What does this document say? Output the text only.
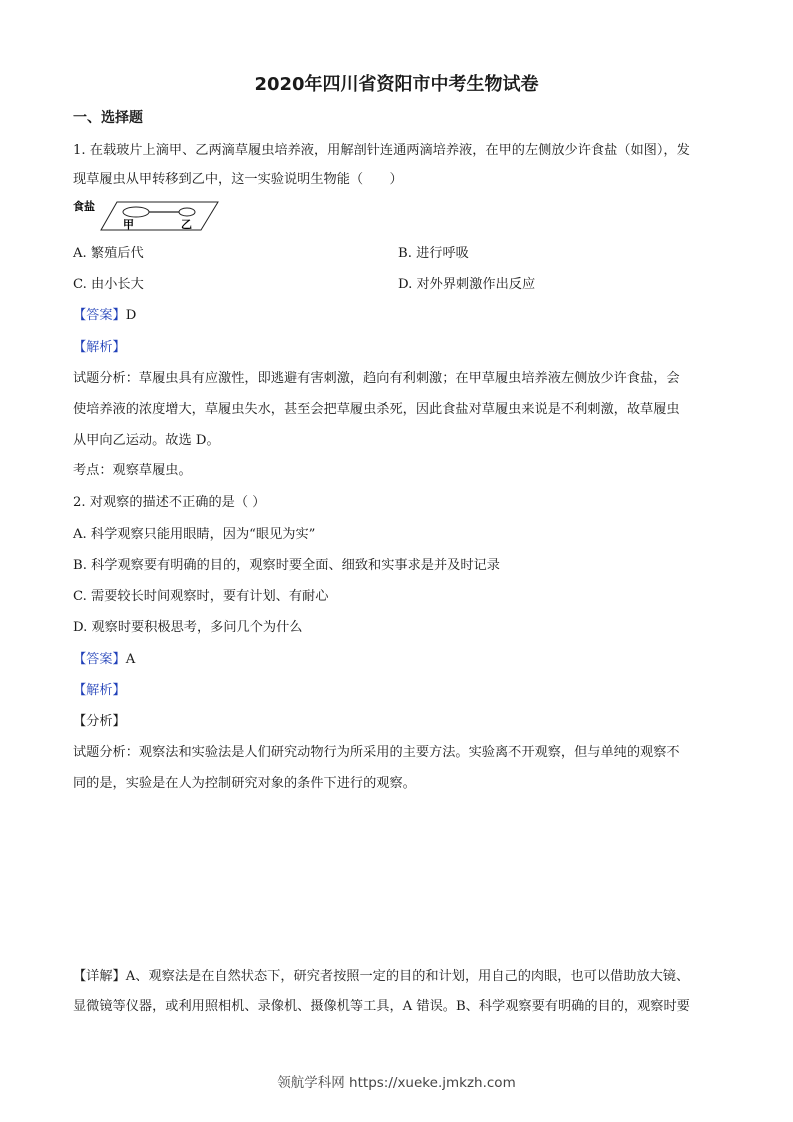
2020年四川省资阳市中考生物试卷
一、选择题
1. 在载玻片上滴甲、乙两滴草履虫培养液，用解剖针连通两滴培养液，在甲的左侧放少许食盐（如图），发
现草履虫从甲转移到乙中，这一实验说明生物能（　　）
食盐
甲	乙
A. 繁殖后代	B. 进行呼吸
C. 由小长大	D. 对外界刺激作出反应
【答案】D
【解析】
试题分析：草履虫具有应激性，即逃避有害刺激，趋向有利刺激；在甲草履虫培养液左侧放少许食盐，会
使培养液的浓度增大，草履虫失水，甚至会把草履虫杀死，因此食盐对草履虫来说是不利刺激，故草履虫
从甲向乙运动。故选 D。
考点：观察草履虫。
2. 对观察的描述不正确的是（ ）
A. 科学观察只能用眼睛，因为“眼见为实”
B. 科学观察要有明确的目的，观察时要全面、细致和实事求是并及时记录
C. 需要较长时间观察时，要有计划、有耐心
D. 观察时要积极思考，多问几个为什么
【答案】A
【解析】
【分析】
试题分析：观察法和实验法是人们研究动物行为所采用的主要方法。实验离不开观察，但与单纯的观察不
同的是，实验是在人为控制研究对象的条件下进行的观察。
【详解】A、观察法是在自然状态下，研究者按照一定的目的和计划，用自己的肉眼，也可以借助放大镜、
显微镜等仪器，或利用照相机、录像机、摄像机等工具，A 错误。B、科学观察要有明确的目的，观察时要
领航学科网 https://xueke.jmkzh.com
